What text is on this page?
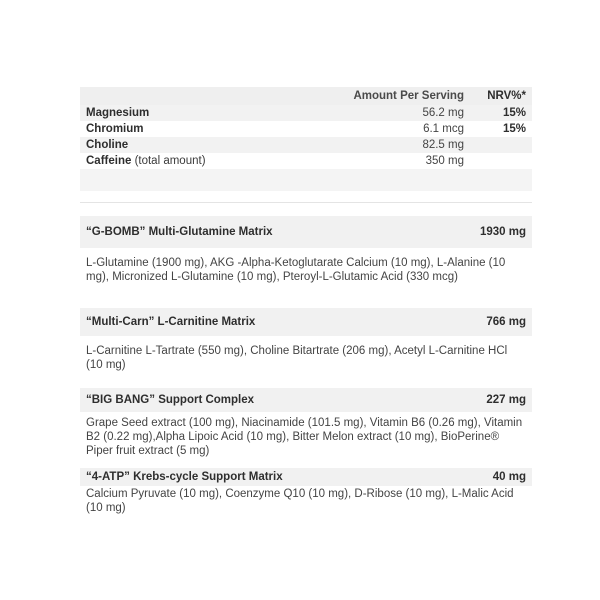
Amount Per Serving	NRV%*
Magnesium	56.2 mg	15%
Chromium	6.1 mcg	15%
Choline	82.5 mg
Caffeine (total amount)	350 mg
“G-BOMB” Multi-Glutamine Matrix	1930 mg
L-Glutamine (1900 mg), AKG -Alpha-Ketoglutarate Calcium (10 mg), L-Alanine (10 mg), Micronized L-Glutamine (10 mg), Pteroyl-L-Glutamic Acid (330 mcg)
“Multi-Carn” L-Carnitine Matrix	766 mg
L-Carnitine L-Tartrate (550 mg), Choline Bitartrate (206 mg), Acetyl L-Carnitine HCl (10 mg)
“BIG BANG” Support Complex	227 mg
Grape Seed extract (100 mg), Niacinamide (101.5 mg), Vitamin B6 (0.26 mg), Vitamin B2 (0.22 mg),Alpha Lipoic Acid (10 mg), Bitter Melon extract (10 mg), BioPerine® Piper fruit extract (5 mg)
“4-ATP” Krebs-cycle Support Matrix	40 mg
Calcium Pyruvate (10 mg), Coenzyme Q10 (10 mg), D-Ribose (10 mg), L-Malic Acid (10 mg)
